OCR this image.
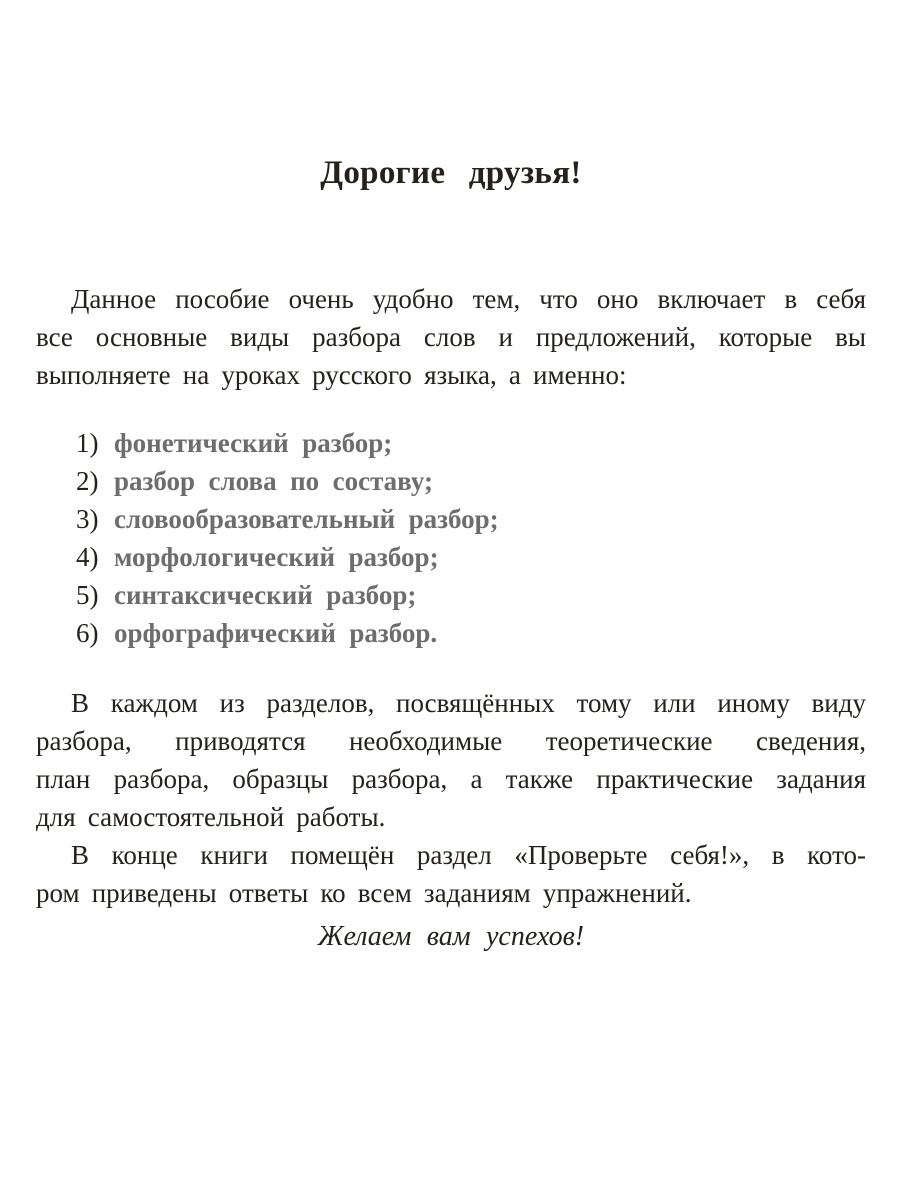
Дорогие друзья!
Данное пособие очень удобно тем, что оно включает в себя
все основные виды разбора слов и предложений, которые вы
выполняете на уроках русского языка, а именно:
1) фонетический разбор;
2) разбор слова по составу;
3) словообразовательный разбор;
4) морфологический разбор;
5) синтаксический разбор;
6) орфографический разбор.
В каждом из разделов, посвящённых тому или иному виду
разбора, приводятся необходимые теоретические сведения,
план разбора, образцы разбора, а также практические задания
для самостоятельной работы.
В конце книги помещён раздел «Проверьте себя!», в кото-
ром приведены ответы ко всем заданиям упражнений.
Желаем вам успехов!
